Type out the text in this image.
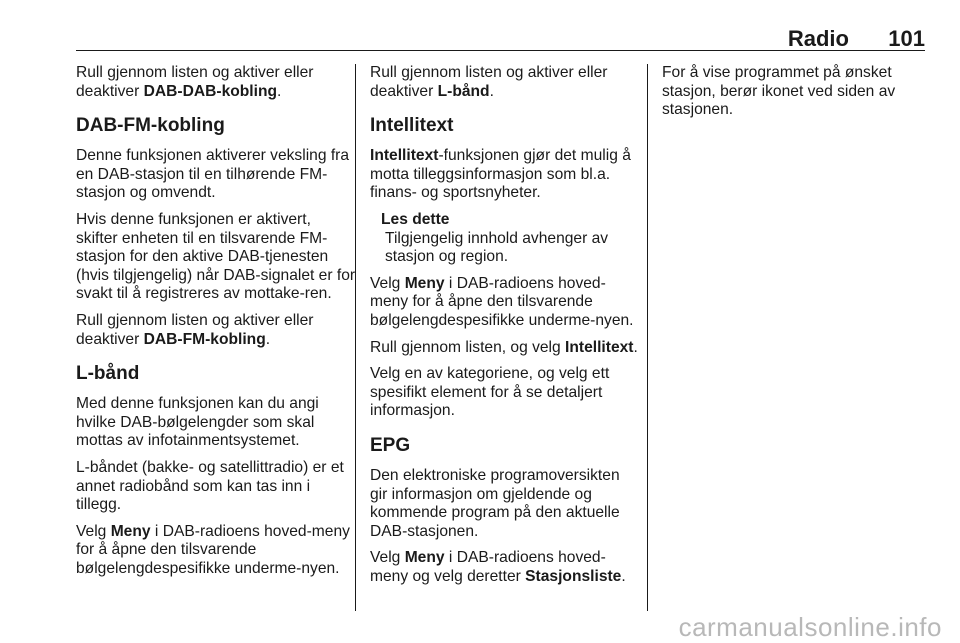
Radio 101

Rull gjennom listen og aktiver eller deaktiver DAB-DAB-kobling.

DAB-FM-kobling

Denne funksjonen aktiverer veksling fra en DAB-stasjon til en tilhørende FM-stasjon og omvendt.

Hvis denne funksjonen er aktivert, skifter enheten til en tilsvarende FM-stasjon for den aktive DAB-tjenesten (hvis tilgjengelig) når DAB-signalet er for svakt til å registreres av mottake-ren.

Rull gjennom listen og aktiver eller deaktiver DAB-FM-kobling.

L-bånd

Med denne funksjonen kan du angi hvilke DAB-bølgelengder som skal mottas av infotainmentsystemet.

L-båndet (bakke- og satellittradio) er et annet radiobånd som kan tas inn i tillegg.

Velg Meny i DAB-radioens hoved-meny for å åpne den tilsvarende bølgelengdespesifikke underme-nyen.

Rull gjennom listen og aktiver eller deaktiver L-bånd.

Intellitext

Intellitext-funksjonen gjør det mulig å motta tilleggsinformasjon som bl.a. finans- og sportsnyheter.

Les dette
Tilgjengelig innhold avhenger av stasjon og region.

Velg Meny i DAB-radioens hoved-meny for å åpne den tilsvarende bølgelengdespesifikke underme-nyen.

Rull gjennom listen, og velg Intellitext.

Velg en av kategoriene, og velg ett spesifikt element for å se detaljert informasjon.

EPG

Den elektroniske programoversikten gir informasjon om gjeldende og kommende program på den aktuelle DAB-stasjonen.

Velg Meny i DAB-radioens hoved-meny og velg deretter Stasjonsliste.

For å vise programmet på ønsket stasjon, berør ikonet ved siden av stasjonen.

carmanualsonline.info
